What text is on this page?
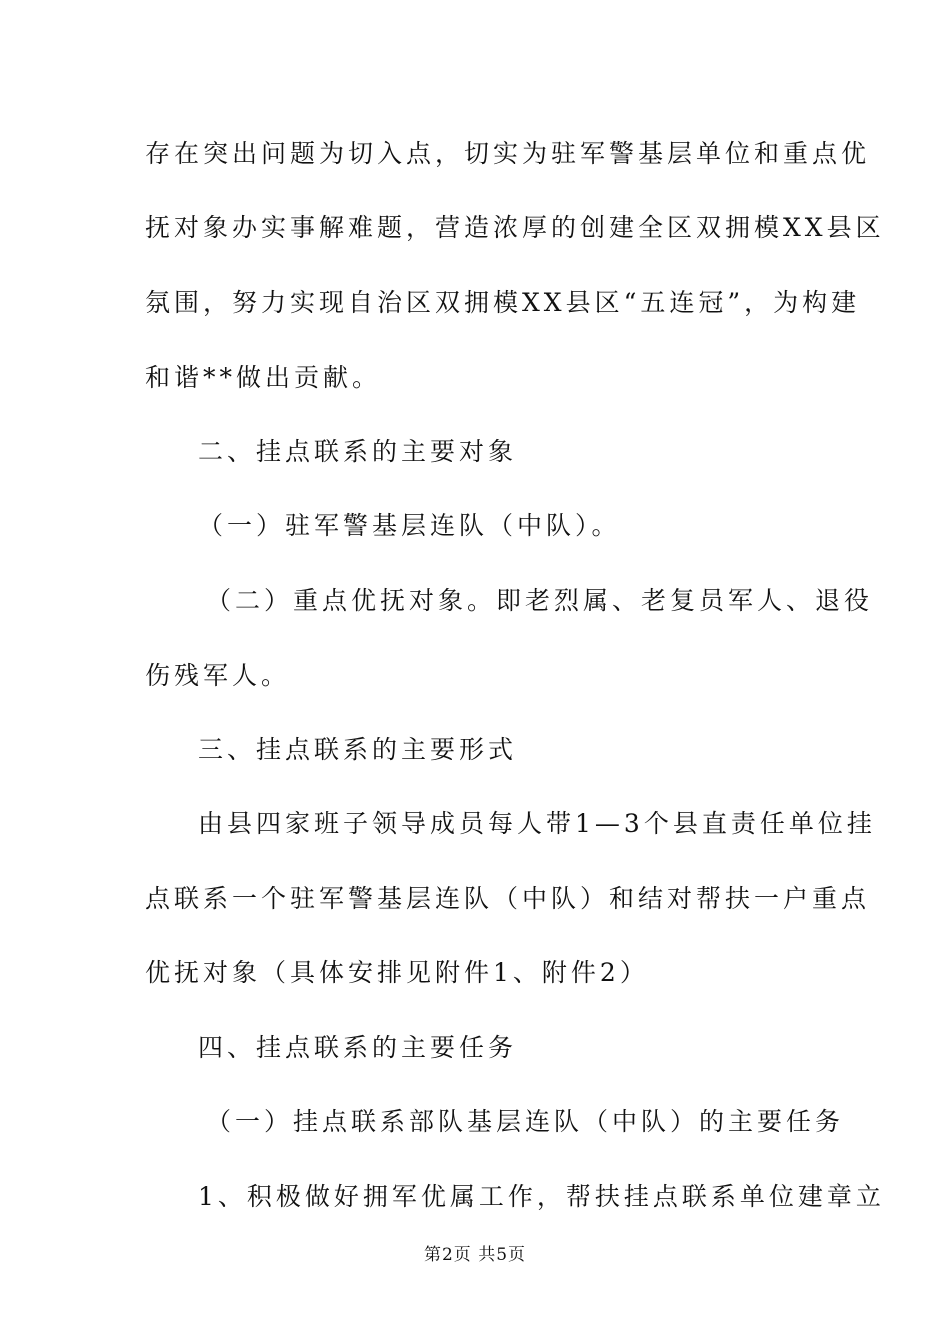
存在突出问题为切入点，切实为驻军警基层单位和重点优
抚对象办实事解难题，营造浓厚的创建全区双拥模XX县区
氛围，努力实现自治区双拥模XX县区“五连冠”，为构建
和谐**做出贡献。
二、挂点联系的主要对象
（一）驻军警基层连队（中队）。
（二）重点优抚对象。即老烈属、老复员军人、退役
伤残军人。
三、挂点联系的主要形式
由县四家班子领导成员每人带1—3个县直责任单位挂
点联系一个驻军警基层连队（中队）和结对帮扶一户重点
优抚对象（具体安排见附件1、附件2）
四、挂点联系的主要任务
（一）挂点联系部队基层连队（中队）的主要任务
1、积极做好拥军优属工作，帮扶挂点联系单位建章立
第2页 共5页
